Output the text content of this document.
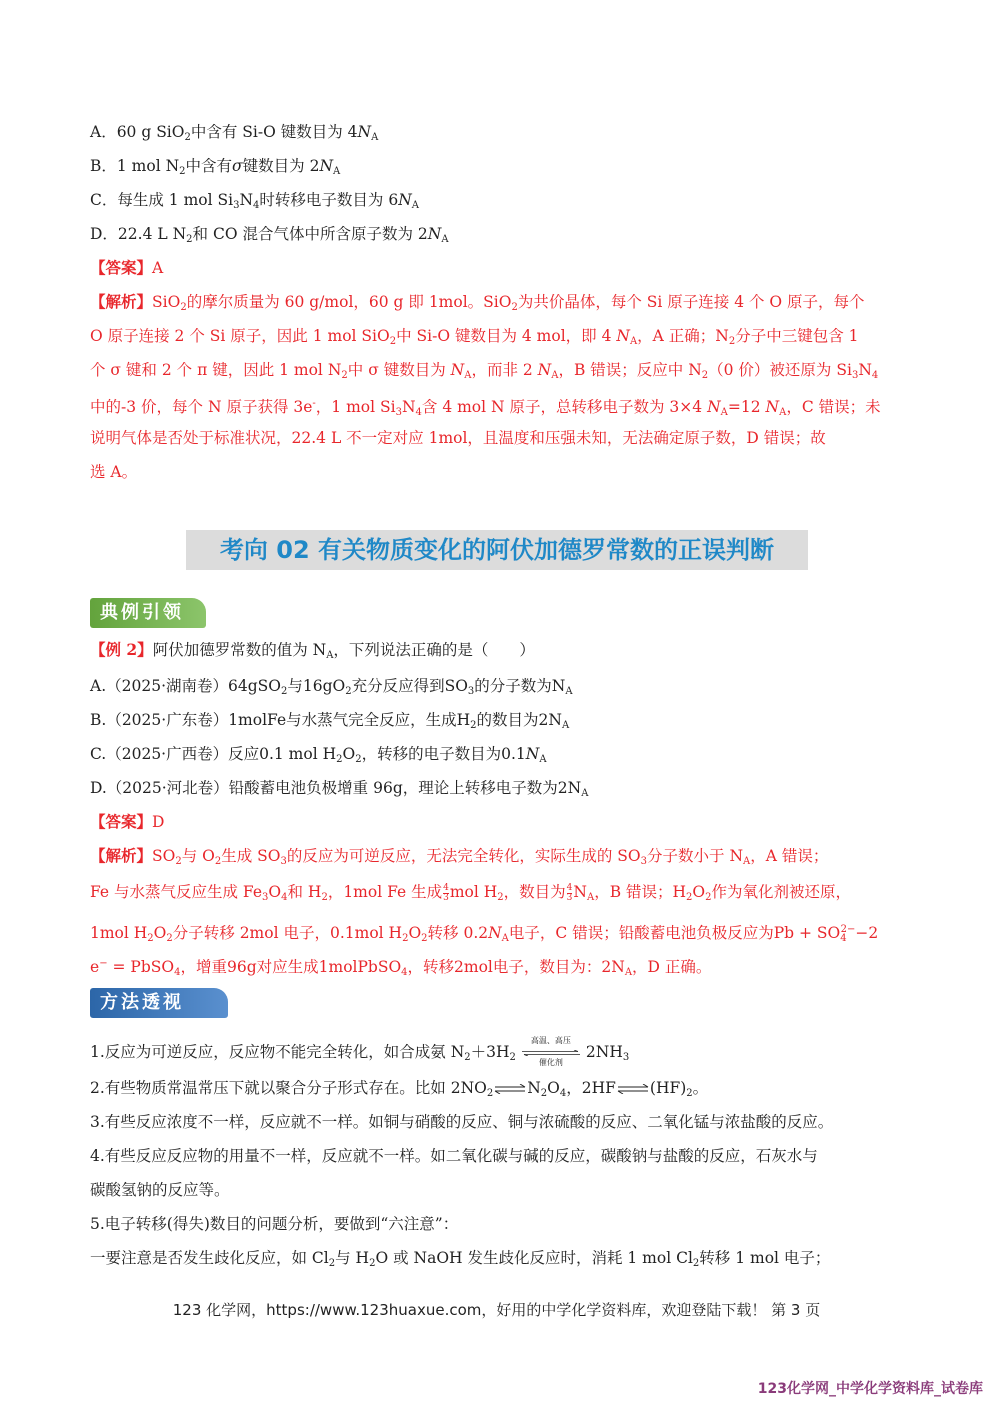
A．60 g SiO$_2$中含有 Si-O 键数目为 $4N_A$
B．1 mol $N_2$中含有σ键数目为 $2N_A$
C．每生成 1 mol $Si_3N_4$时转移电子数目为 $6N_A$
D．22.4 L $N_2$和 CO 混合气体中所含原子数为 $2N_A$
【答案】A
【解析】SiO$_2$的摩尔质量为 60 g/mol，60 g 即 1mol。SiO$_2$为共价晶体，每个 Si 原子连接 4 个 O 原子，每个
O 原子连接 2 个 Si 原子，因此 1 mol SiO$_2$中 Si-O 键数目为 4 mol，即 4 $N_A$，A 正确；$N_2$分子中三键包含 1
个 σ 键和 2 个 π 键，因此 1 mol $N_2$中 σ 键数目为 $N_A$，而非 2 $N_A$，B 错误；反应中 $N_2(0$ 价）被还原为 $Si_3N_4$
中的-3 价，每个 N 原子获得 3e-，1 mol $Si_3N_4$含 4 mol N 原子，总转移电子数为 3×4 $N_A=12$ $N_A$，C 错误；未
说明气体是否处于标准状况，22.4 L 不一定对应 1mol，且温度和压强未知，无法确定原子数，D 错误；故
选 A。
考向 02 有关物质变化的阿伏加德罗常数的正误判断
典例引领
【例 2】阿伏加德罗常数的值为 $N_A$，下列说法正确的是（　　）
A.（2025·湖南卷）64gSO$_2$与$16gO_2$充分反应得到$SO_3$的分子数为$N_A$
B.（2025·广东卷）1molFe与水蒸气完全反应，生成$H_2$的数目为$2N_A$
C.（2025·广西卷）反应0.1 mol $H_2O_2$，转移的电子数目为$0.1N_A$
D.（2025·河北卷）铅酸蓄电池负极增重 96g，理论上转移电子数为$2N_A$
【答案】D
【解析】$SO_2$与 $O_2$生成 $SO_3$的反应为可逆反应，无法完全转化，实际生成的 $SO_3$分子数小于 $N_A$，A 错误；
Fe 与水蒸气反应生成 $Fe_3O_4$和 $H_2$，1mol Fe 生成 $\frac{4}{3}$ mol $H_2$，数目为 $\frac{4}{3} N_A$，B 错误；$H_2O_2$作为氧化剂被还原，
1mol $H_2O_2$分子转移 2mol 电子，0.1mol $H_2O_2$转移 $0.2N_A$电子，C 错误；铅酸蓄电池负极反应为$Pb + SO_4^{2-}-2$
e− = PbSO$_4$，增重96g对应生成1molPbSO$_4$，转移2mol电子，数目为：$2N_A$，D 正确。
方法透视
1.反应为可逆反应，反应物不能完全转化，如合成氨 $N_2+3H_2$
高温、高压
催化剂
$2NH_3$
2.有些物质常温常压下就以聚合分子形式存在。比如 $2NO_2\rightleftharpoons N_2O_4$，$2HF\rightleftharpoons(HF)_2$。
3.有些反应浓度不一样，反应就不一样。如铜与硝酸的反应、铜与浓硫酸的反应、二氧化锰与浓盐酸的反应。
4.有些反应反应物的用量不一样，反应就不一样。如二氧化碳与碱的反应，碳酸钠与盐酸的反应，石灰水与
碳酸氢钠的反应等。
5.电子转移(得失)数目的问题分析，要做到“六注意”：
一要注意是否发生歧化反应，如 $Cl_2$与 $H_2O$ 或 NaOH 发生歧化反应时，消耗 1 mol $Cl_2$转移 1 mol 电子；
123 化学网，https://www.123huaxue.com，好用的中学化学资料库，欢迎登陆下载！ 第 3 页
123化学网_中学化学资料库_试卷库
